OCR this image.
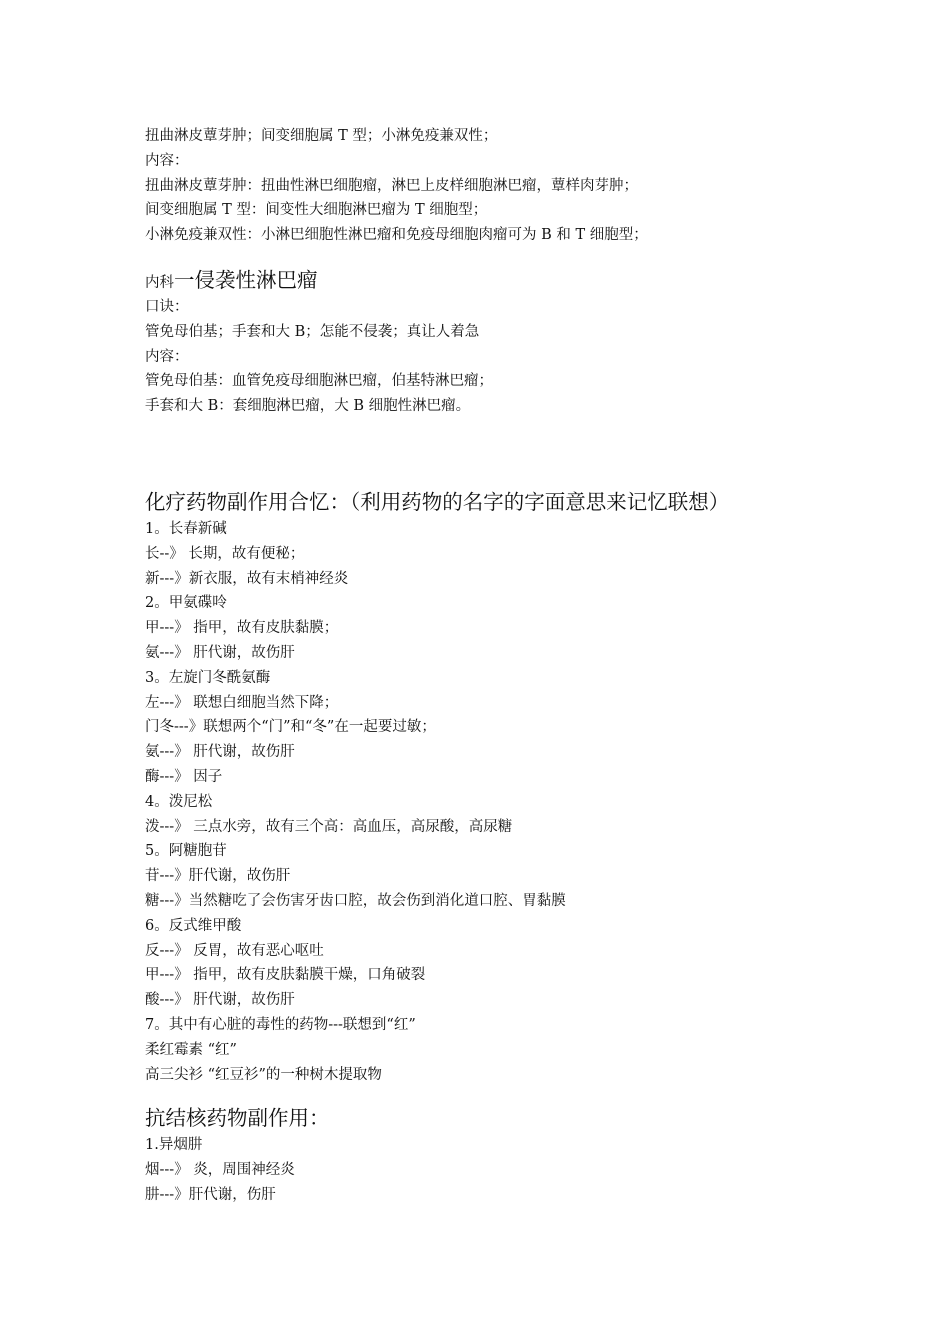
扭曲淋皮蕈芽肿；间变细胞属 T 型；小淋免疫兼双性；
内容：
扭曲淋皮蕈芽肿：扭曲性淋巴细胞瘤，淋巴上皮样细胞淋巴瘤，蕈样肉芽肿；
间变细胞属 T 型：间变性大细胞淋巴瘤为 T 细胞型；
小淋免疫兼双性：小淋巴细胞性淋巴瘤和免疫母细胞肉瘤可为 B 和 T 细胞型；
内科一侵袭性淋巴瘤
口诀：
管免母伯基；手套和大 B；怎能不侵袭；真让人着急
内容：
管免母伯基：血管免疫母细胞淋巴瘤，伯基特淋巴瘤；
手套和大 B：套细胞淋巴瘤，大 B 细胞性淋巴瘤。
化疗药物副作用合忆：（利用药物的名字的字面意思来记忆联想）
1。长春新碱
长--》 长期，故有便秘；
新---》新衣服，故有末梢神经炎
2。甲氨碟呤
甲---》 指甲，故有皮肤黏膜；
氨---》 肝代谢，故伤肝
3。左旋门冬酰氨酶
左---》 联想白细胞当然下降；
门冬---》联想两个“门”和“冬”在一起要过敏；
氨---》 肝代谢，故伤肝
酶---》 因子
4。泼尼松
泼---》 三点水旁，故有三个高：高血压，高尿酸，高尿糖
5。阿糖胞苷
苷---》肝代谢，故伤肝
糖---》当然糖吃了会伤害牙齿口腔，故会伤到消化道口腔、胃黏膜
6。反式维甲酸
反---》 反胃，故有恶心呕吐
甲---》 指甲，故有皮肤黏膜干燥，口角破裂
酸---》 肝代谢，故伤肝
7。其中有心脏的毒性的药物---联想到“红”
柔红霉素 “红”
高三尖衫 “红豆衫”的一种树木提取物
抗结核药物副作用：
1.异烟肼
烟---》 炎，周围神经炎
肼---》肝代谢，伤肝
